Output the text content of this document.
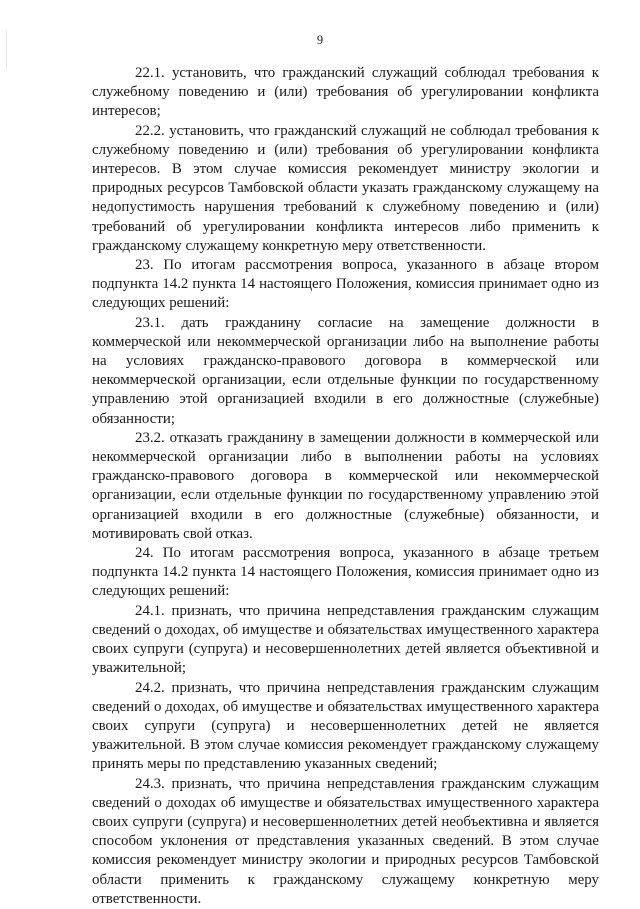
9

22.1. установить, что гражданский служащий соблюдал требования к служебному поведению и (или) требования об урегулировании конфликта интересов;

22.2. установить, что гражданский служащий не соблюдал требования к служебному поведению и (или) требования об урегулировании конфликта интересов. В этом случае комиссия рекомендует министру экологии и природных ресурсов Тамбовской области указать гражданскому служащему на недопустимость нарушения требований к служебному поведению и (или) требований об урегулировании конфликта интересов либо применить к гражданскому служащему конкретную меру ответственности.

23. По итогам рассмотрения вопроса, указанного в абзаце втором подпункта 14.2 пункта 14 настоящего Положения, комиссия принимает одно из следующих решений:

23.1. дать гражданину согласие на замещение должности в коммерческой или некоммерческой организации либо на выполнение работы на условиях гражданско-правового договора в коммерческой или некоммерческой организации, если отдельные функции по государственному управлению этой организацией входили в его должностные (служебные) обязанности;

23.2. отказать гражданину в замещении должности в коммерческой или некоммерческой организации либо в выполнении работы на условиях гражданско-правового договора в коммерческой или некоммерческой организации, если отдельные функции по государственному управлению этой организацией входили в его должностные (служебные) обязанности, и мотивировать свой отказ.

24. По итогам рассмотрения вопроса, указанного в абзаце третьем подпункта 14.2 пункта 14 настоящего Положения, комиссия принимает одно из следующих решений:

24.1. признать, что причина непредставления гражданским служащим сведений о доходах, об имуществе и обязательствах имущественного характера своих супруги (супруга) и несовершеннолетних детей является объективной и уважительной;

24.2. признать, что причина непредставления гражданским служащим сведений о доходах, об имуществе и обязательствах имущественного характера своих супруги (супруга) и несовершеннолетних детей не является уважительной. В этом случае комиссия рекомендует гражданскому служащему принять меры по представлению указанных сведений;

24.3. признать, что причина непредставления гражданским служащим сведений о доходах об имуществе и обязательствах имущественного характера своих супруги (супруга) и несовершеннолетних детей необъективна и является способом уклонения от представления указанных сведений. В этом случае комиссия рекомендует министру экологии и природных ресурсов Тамбовской области применить к гражданскому служащему конкретную меру ответственности.
